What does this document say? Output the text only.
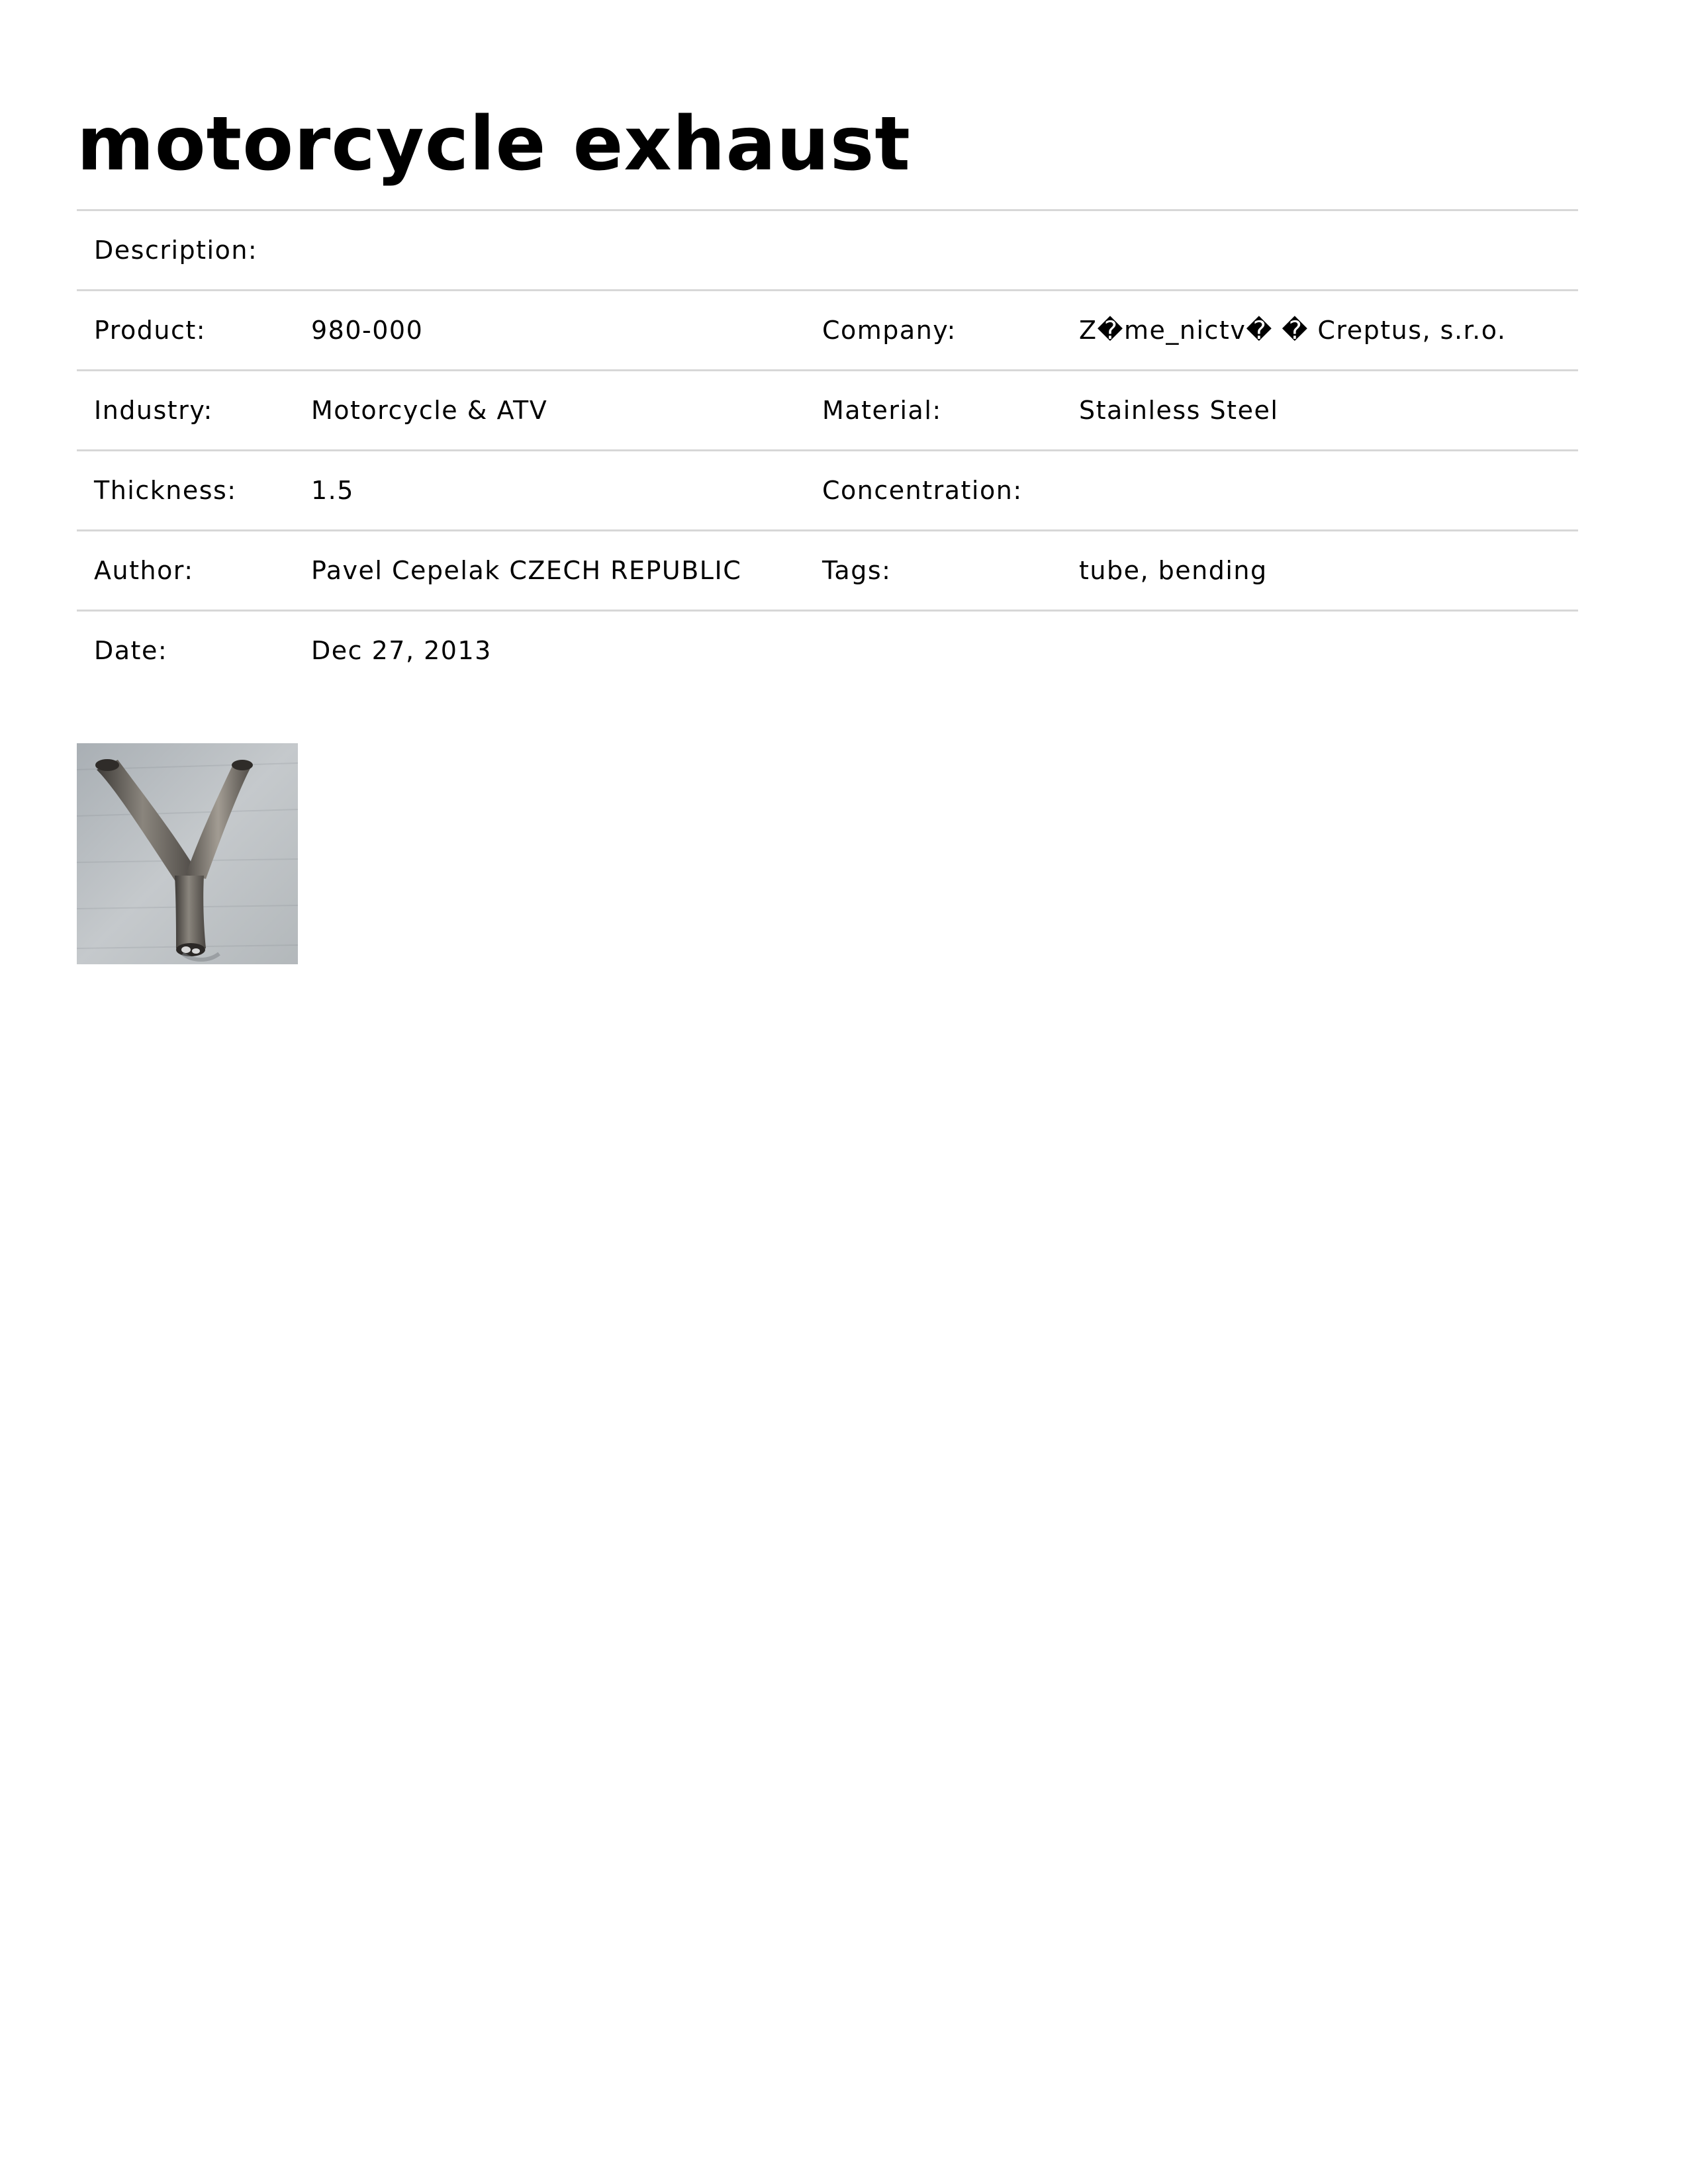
motorcycle exhaust
Description:
Product:	980-000	Company:	Z�me_nictv� � Creptus, s.r.o.
Industry:	Motorcycle & ATV	Material:	Stainless Steel
Thickness:	1.5	Concentration:
Author:	Pavel Cepelak CZECH REPUBLIC	Tags:	tube, bending
Date:	Dec 27, 2013
